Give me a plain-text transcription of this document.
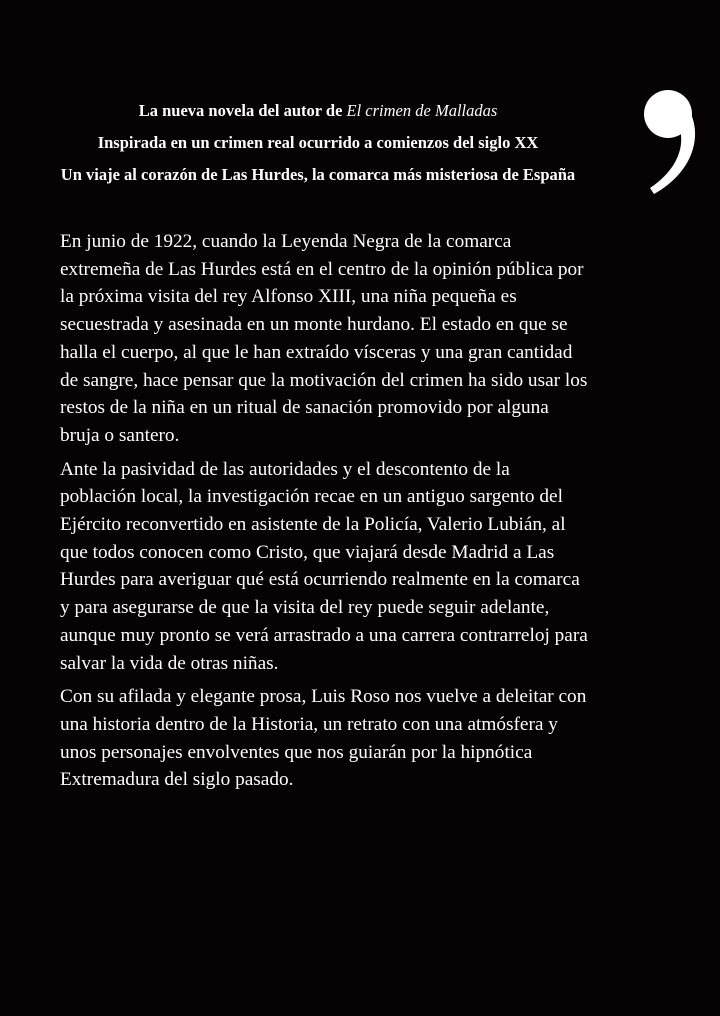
La nueva novela del autor de El crimen de Malladas

Inspirada en un crimen real ocurrido a comienzos del siglo XX

Un viaje al corazón de Las Hurdes, la comarca más misteriosa de España

En junio de 1922, cuando la Leyenda Negra de la comarca extremeña de Las Hurdes está en el centro de la opinión pública por la próxima visita del rey Alfonso XIII, una niña pequeña es secuestrada y asesinada en un monte hurdano. El estado en que se halla el cuerpo, al que le han extraído vísceras y una gran cantidad de sangre, hace pensar que la motivación del crimen ha sido usar los restos de la niña en un ritual de sanación promovido por alguna bruja o santero.

Ante la pasividad de las autoridades y el descontento de la población local, la investigación recae en un antiguo sargento del Ejército reconvertido en asistente de la Policía, Valerio Lubián, al que todos conocen como Cristo, que viajará desde Madrid a Las Hurdes para averiguar qué está ocurriendo realmente en la comarca y para asegurarse de que la visita del rey puede seguir adelante, aunque muy pronto se verá arrastrado a una carrera contrarreloj para salvar la vida de otras niñas.

Con su afilada y elegante prosa, Luis Roso nos vuelve a deleitar con una historia dentro de la Historia, un retrato con una atmósfera y unos personajes envolventes que nos guiarán por la hipnótica Extremadura del siglo pasado.
